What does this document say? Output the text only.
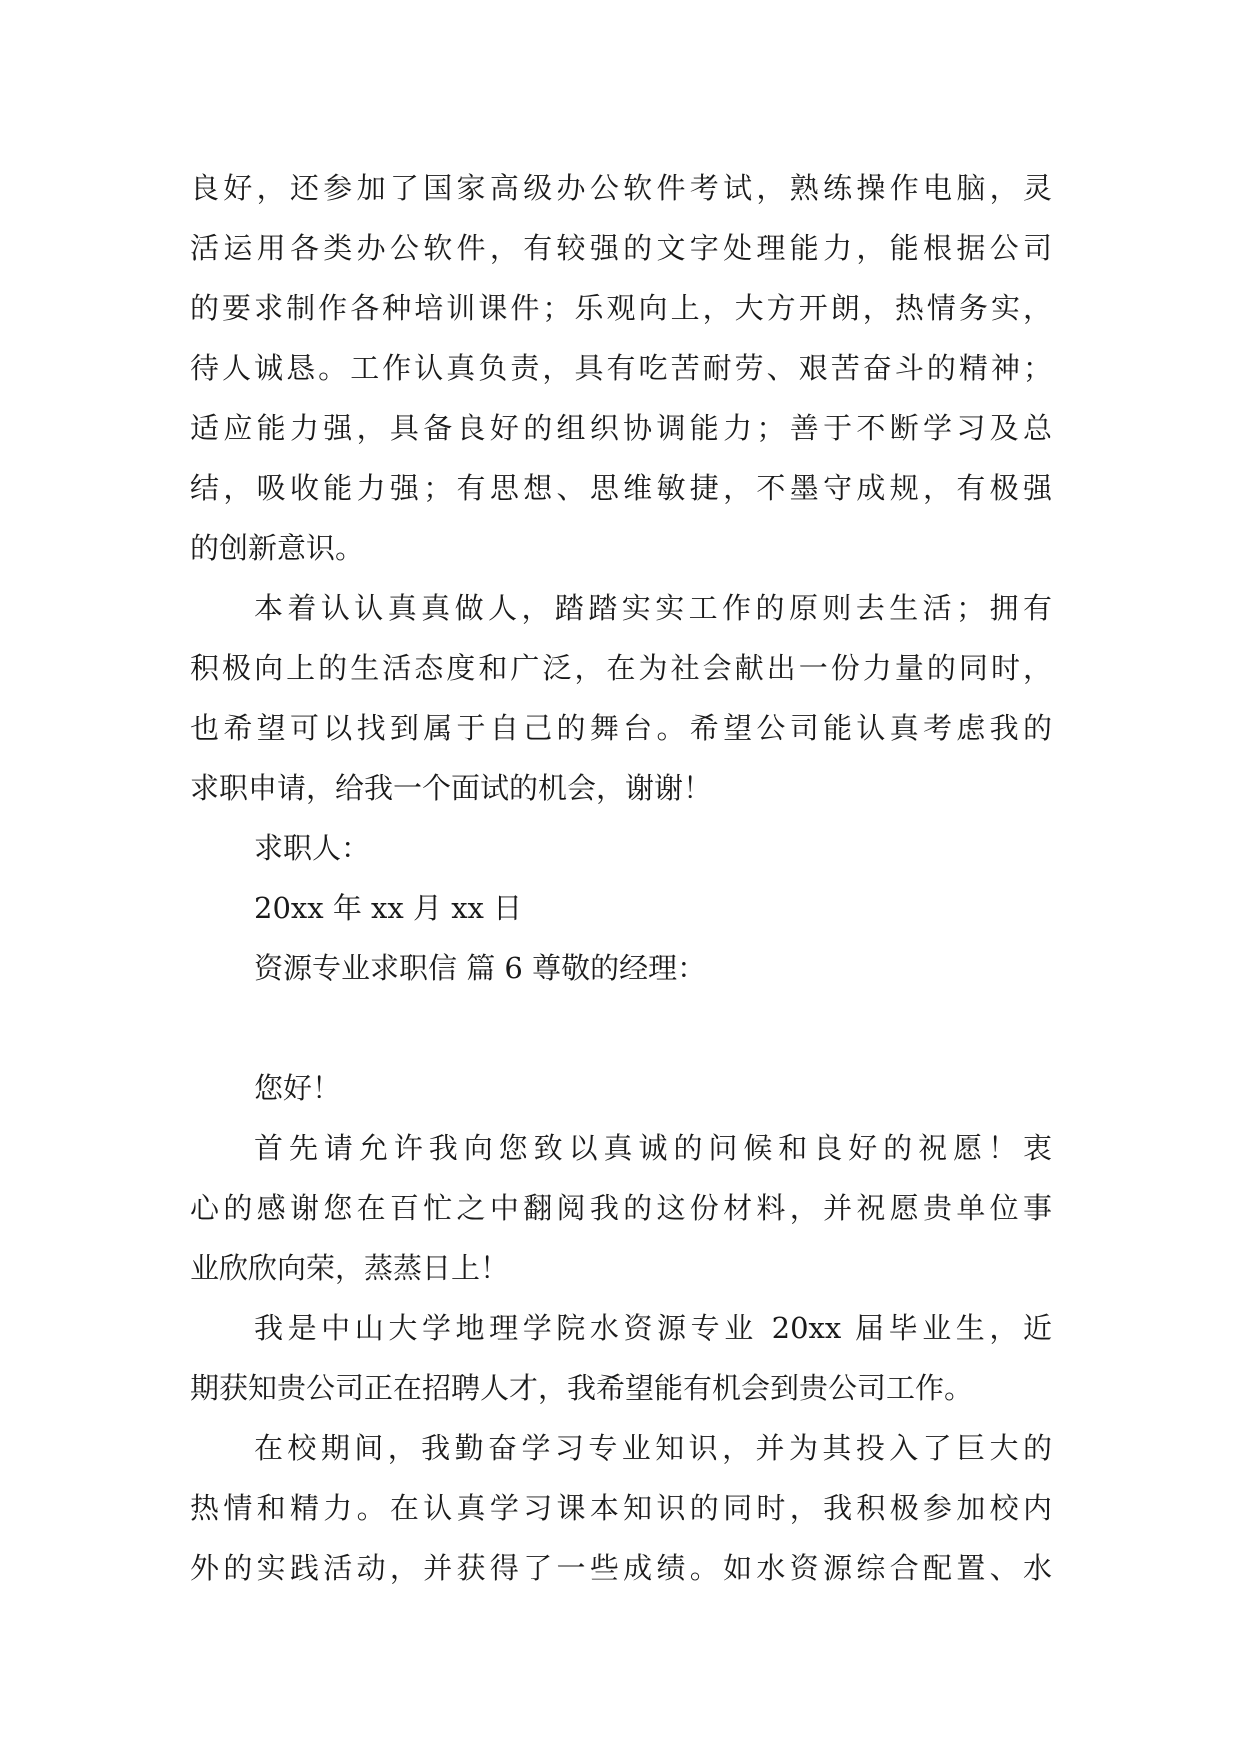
良好，还参加了国家高级办公软件考试，熟练操作电脑，灵
活运用各类办公软件，有较强的文字处理能力，能根据公司
的要求制作各种培训课件；乐观向上，大方开朗，热情务实，
待人诚恳。工作认真负责，具有吃苦耐劳、艰苦奋斗的精神；
适应能力强，具备良好的组织协调能力；善于不断学习及总
结，吸收能力强；有思想、思维敏捷，不墨守成规，有极强
的创新意识。
本着认认真真做人，踏踏实实工作的原则去生活；拥有
积极向上的生活态度和广泛，在为社会献出一份力量的同时，
也希望可以找到属于自己的舞台。希望公司能认真考虑我的
求职申请，给我一个面试的机会，谢谢！
求职人：
20xx 年 xx 月 xx 日
资源专业求职信 篇 6 尊敬的经理：
您好！
首先请允许我向您致以真诚的问候和良好的祝愿！衷
心的感谢您在百忙之中翻阅我的这份材料，并祝愿贵单位事
业欣欣向荣，蒸蒸日上！
我是中山大学地理学院水资源专业 20xx 届毕业生，近
期获知贵公司正在招聘人才，我希望能有机会到贵公司工作。
在校期间，我勤奋学习专业知识，并为其投入了巨大的
热情和精力。在认真学习课本知识的同时，我积极参加校内
外的实践活动，并获得了一些成绩。如水资源综合配置、水
